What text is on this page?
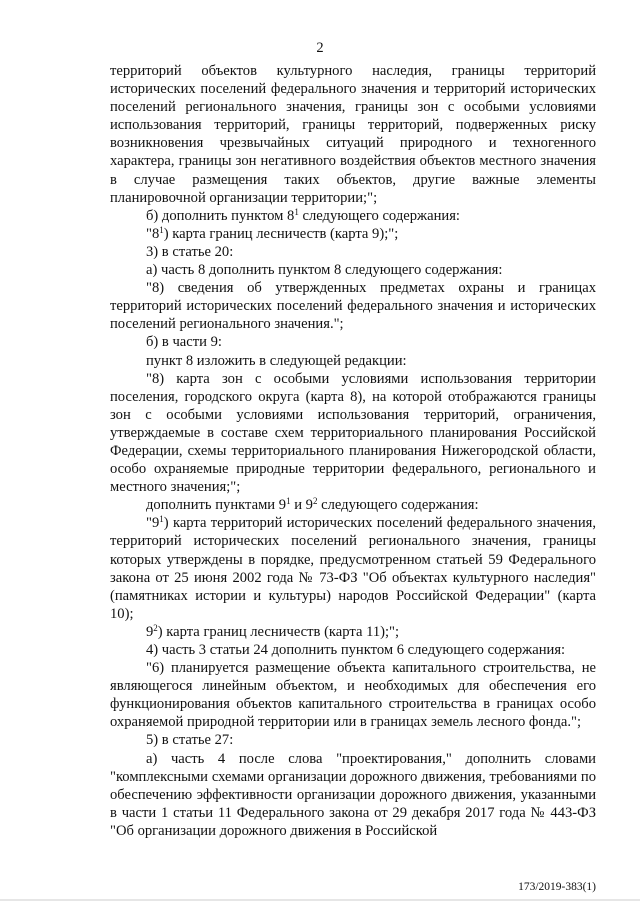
2

территорий объектов культурного наследия, границы территорий исторических поселений федерального значения и территорий исторических поселений регионального значения, границы зон с особыми условиями использования территорий, границы территорий, подверженных риску возникновения чрезвычайных ситуаций природного и техногенного характера, границы зон негативного воздействия объектов местного значения в случае размещения таких объектов, другие важные элементы планировочной организации территории;";

б) дополнить пунктом $8^1$ следующего содержания:

"$8^1$) карта границ лесничеств (карта 9);";

3) в статье 20:

а) часть 8 дополнить пунктом 8 следующего содержания:

"8) сведения об утвержденных предметах охраны и границах территорий исторических поселений федерального значения и исторических поселений регионального значения.";

б) в части 9:

пункт 8 изложить в следующей редакции:

"8) карта зон с особыми условиями использования территории поселения, городского округа (карта 8), на которой отображаются границы зон с особыми условиями использования территорий, ограничения, утверждаемые в составе схем территориального планирования Российской Федерации, схемы территориального планирования Нижегородской области, особо охраняемые природные территории федерального, регионального и местного значения;";

дополнить пунктами $9^1$ и $9^2$ следующего содержания:

"$9^1$) карта территорий исторических поселений федерального значения, территорий исторических поселений регионального значения, границы которых утверждены в порядке, предусмотренном статьей 59 Федерального закона от 25 июня 2002 года № 73-ФЗ "Об объектах культурного наследия" (памятниках истории и культуры) народов Российской Федерации" (карта 10);

$9^2$) карта границ лесничеств (карта 11);";

4) часть 3 статьи 24 дополнить пунктом 6 следующего содержания:

"6) планируется размещение объекта капитального строительства, не являющегося линейным объектом, и необходимых для обеспечения его функционирования объектов капитального строительства в границах особо охраняемой природной территории или в границах земель лесного фонда.";

5) в статье 27:

а) часть 4 после слова "проектирования," дополнить словами "комплексными схемами организации дорожного движения, требованиями по обеспечению эффективности организации дорожного движения, указанными в части 1 статьи 11 Федерального закона от 29 декабря 2017 года № 443-ФЗ "Об организации дорожного движения в Российской

173/2019-383(1)
